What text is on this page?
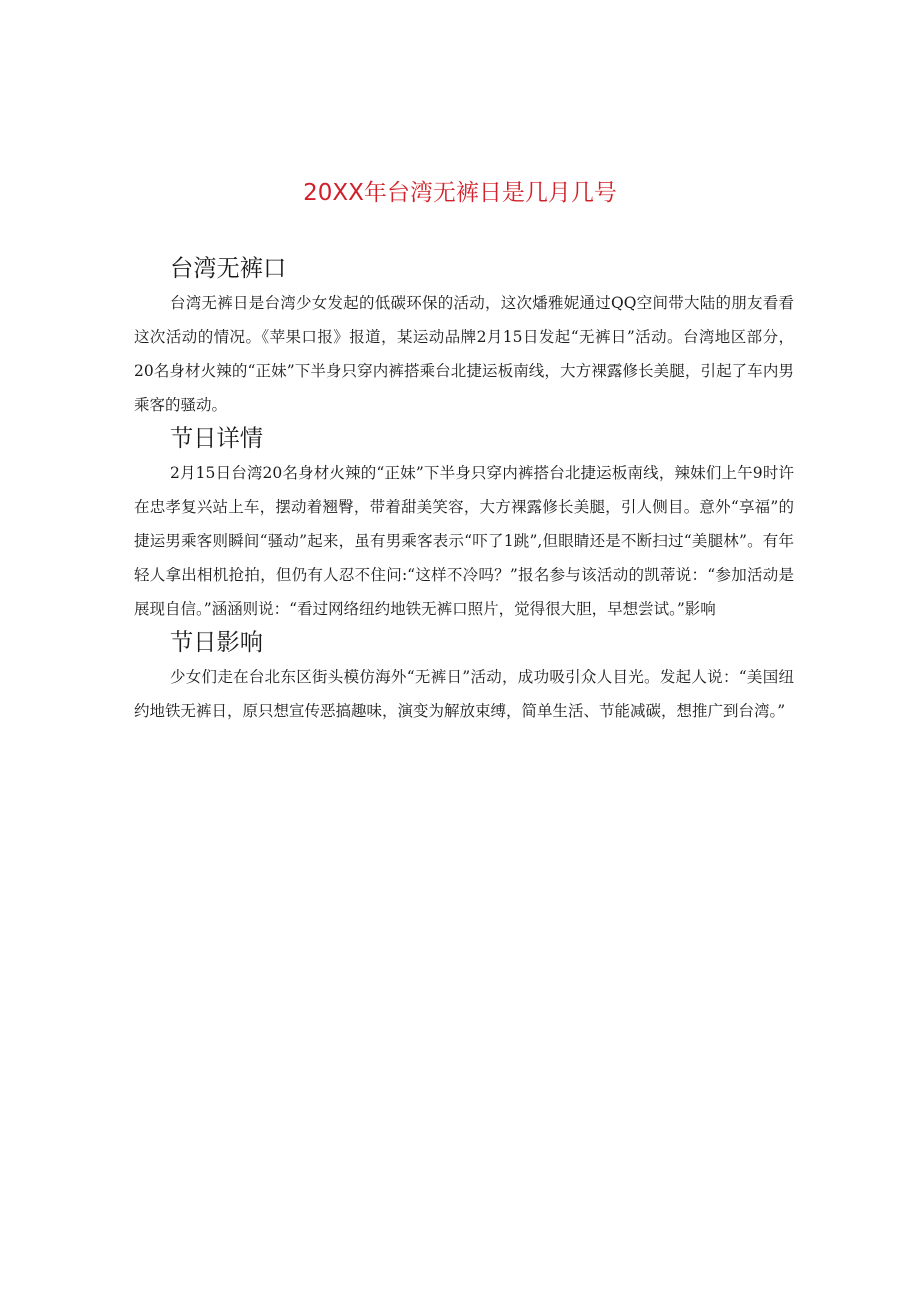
20XX年台湾无裤日是几月几号
台湾无裤口

台湾无裤日是台湾少女发起的低碳环保的活动，这次燔雅妮通过QQ空间带大陆的朋友看看这次活动的情况。《苹果口报》报道，某运动品牌2月15日发起“无裤日”活动。台湾地区部分，20名身材火辣的“正妹”下半身只穿内裤搭乘台北捷运板南线，大方裸露修长美腿，引起了车内男乘客的骚动。

节日详情

2月15日台湾20名身材火辣的“正妹”下半身只穿内裤搭台北捷运板南线，辣妹们上午9时许在忠孝复兴站上车，摆动着翘臀，带着甜美笑容，大方裸露修长美腿，引人侧目。意外“享福”的捷运男乘客则瞬间“骚动”起来，虽有男乘客表示“吓了1跳”,但眼睛还是不断扫过“美腿林”。有年轻人拿出相机抢拍，但仍有人忍不住问:“这样不冷吗？”报名参与该活动的凯蒂说：“参加活动是展现自信。”涵涵则说：“看过网络纽约地铁无裤口照片，觉得很大胆，早想尝试。”影响

节日影响

少女们走在台北东区街头模仿海外“无裤日”活动，成功吸引众人目光。发起人说：“美国纽约地铁无裤日，原只想宣传恶搞趣味，演变为解放束缚，简单生活、节能减碳，想推广到台湾。”
